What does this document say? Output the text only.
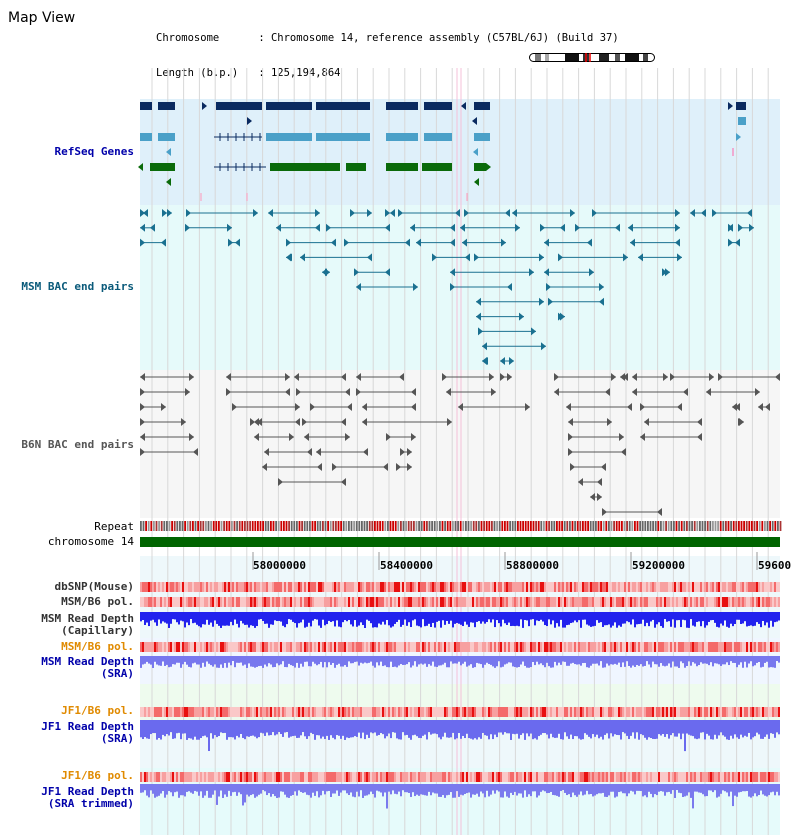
Map View

Chromosome	: Chromosome 14, reference assembly (C57BL/6J) (Build 37)

Length (b.p.) : 125,194,864

RefSeq Genes
MSM BAC end pairs
B6N BAC end pairs
Repeat
chromosome 14
dbSNP(Mouse)
MSM/B6 pol.
MSM Read Depth
(Capillary)
MSM/B6 pol.
MSM Read Depth
(SRA)
JF1/B6 pol.
JF1 Read Depth
(SRA)
JF1/B6 pol.
JF1 Read Depth
(SRA trimmed)
58000000	58400000	58800000	59200000	59600
